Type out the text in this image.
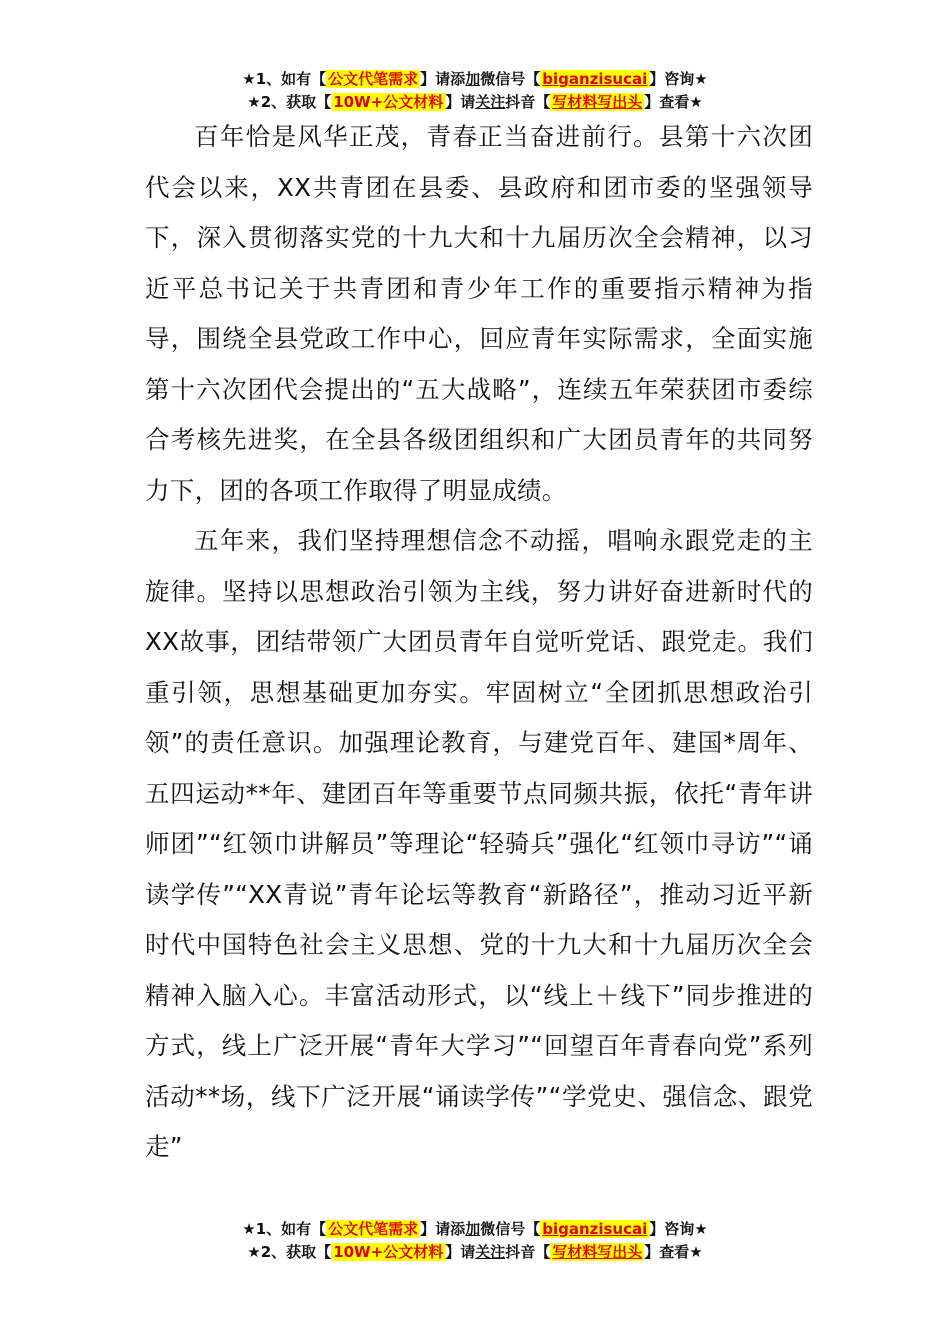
★1、如有【 公文代笔需求 】请添加微信号【 biganzisucai 】咨询★
★2、获取【 10W+公文材料 】请关注抖音【 写材料写出头 】查看★

百年恰是风华正茂，青春正当奋进前行。县第十六次团代会以来，XX共青团在县委、县政府和团市委的坚强领导下，深入贯彻落实党的十九大和十九届历次全会精神，以习近平总书记关于共青团和青少年工作的重要指示精神为指导，围绕全县党政工作中心，回应青年实际需求，全面实施第十六次团代会提出的“五大战略”，连续五年荣获团市委综合考核先进奖，在全县各级团组织和广大团员青年的共同努力下，团的各项工作取得了明显成绩。

五年来，我们坚持理想信念不动摇，唱响永跟党走的主旋律。坚持以思想政治引领为主线，努力讲好奋进新时代的XX故事，团结带领广大团员青年自觉听党话、跟党走。我们重引领，思想基础更加夯实。牢固树立“全团抓思想政治引领”的责任意识。加强理论教育，与建党百年、建国*周年、五四运动**年、建团百年等重要节点同频共振，依托“青年讲师团”“红领巾讲解员”等理论“轻骑兵”强化“红领巾寻访”“诵读学传”“XX青说”青年论坛等教育“新路径”，推动习近平新时代中国特色社会主义思想、党的十九大和十九届历次全会精神入脑入心。丰富活动形式，以“线上＋线下”同步推进的方式，线上广泛开展“青年大学习”“回望百年青春向党”系列活动**场，线下广泛开展“诵读学传”“学党史、强信念、跟党走”

★1、如有【 公文代笔需求 】请添加微信号【 biganzisucai 】咨询★
★2、获取【 10W+公文材料 】请关注抖音【 写材料写出头 】查看★
